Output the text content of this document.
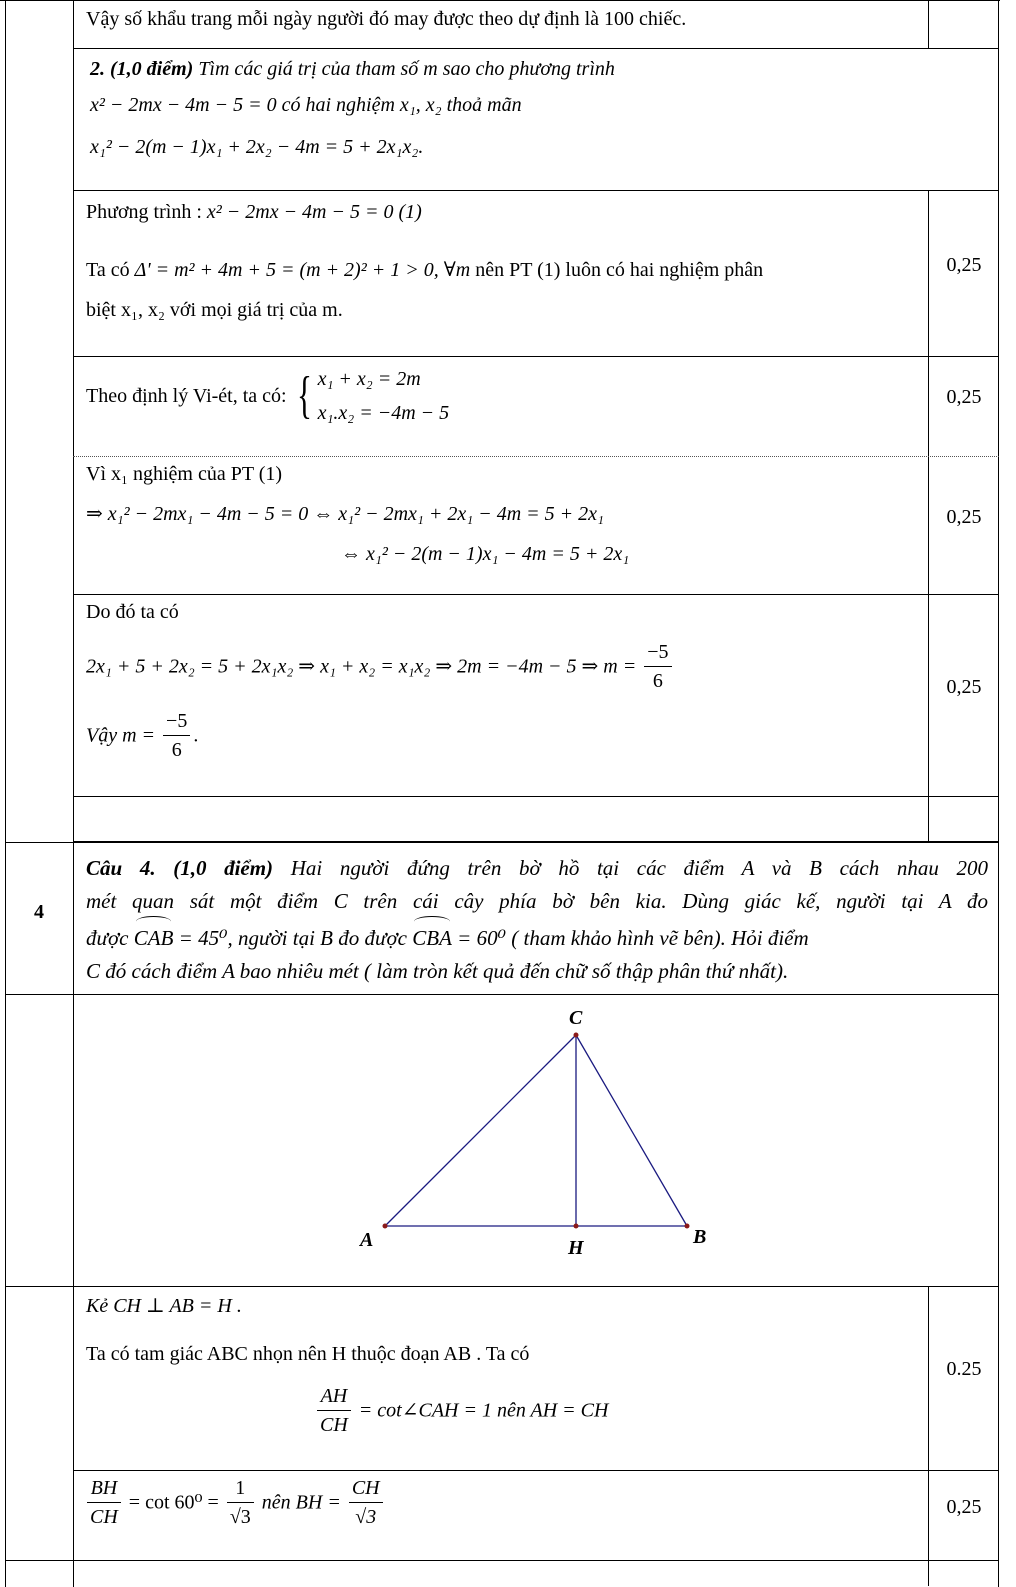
Vậy số khẩu trang mỗi ngày người đó may được theo dự định là 100 chiếc.
2. (1,0 điểm) Tìm các giá trị của tham số m sao cho phương trình
x² − 2mx − 4m − 5 = 0 có hai nghiệm x₁, x₂ thoả mãn
x₁² − 2(m − 1)x₁ + 2x₂ − 4m = 5 + 2x₁x₂.
Phương trình : x² − 2mx − 4m − 5 = 0 (1)
Ta có Δ' = m² + 4m + 5 = (m + 2)² + 1 > 0, ∀m nên PT (1) luôn có hai nghiệm phân
biệt x₁, x₂ với mọi giá trị của m.
0,25
Theo định lý Vi-ét, ta có: { x₁ + x₂ = 2m
x₁.x₂ = −4m − 5
0,25
Vì x₁ nghiệm của PT (1)
⇒ x₁² − 2mx₁ − 4m − 5 = 0 ⇔ x₁² − 2mx₁ + 2x₁ − 4m = 5 + 2x₁
⇔ x₁² − 2(m − 1)x₁ − 4m = 5 + 2x₁
0,25
Do đó ta có
2x₁ + 5 + 2x₂ = 5 + 2x₁x₂ ⇒ x₁ + x₂ = x₁x₂ ⇒ 2m = −4m − 5 ⇒ $m = \frac{-5}{6}$
Vậy $m = \frac{-5}{6}$ .
0,25
4
Câu 4. (1,0 điểm) Hai người đứng trên bờ hồ tại các điểm A và B cách nhau 200
mét quan sát một điểm C trên cái cây phía bờ bên kia. Dùng giác kế, người tại A đo
được CAB = 45⁰, người tại B đo được CBA = 60⁰ ( tham khảo hình vẽ bên). Hỏi điểm
C đó cách điểm A bao nhiêu mét ( làm tròn kết quả đến chữ số thập phân thứ nhất).
A	B
C
H
Kẻ CH ⊥ AB = H .
Ta có tam giác ABC nhọn nên H thuộc đoạn AB . Ta có
$\frac{AH}{CH}$ = cot∠CAH = 1 nên AH = CH
0.25
$\frac{BH}{CH} = \cot 60^0 = \frac{1}{√3}$ nên BH = $\frac{CH}{√3}$	0,25
